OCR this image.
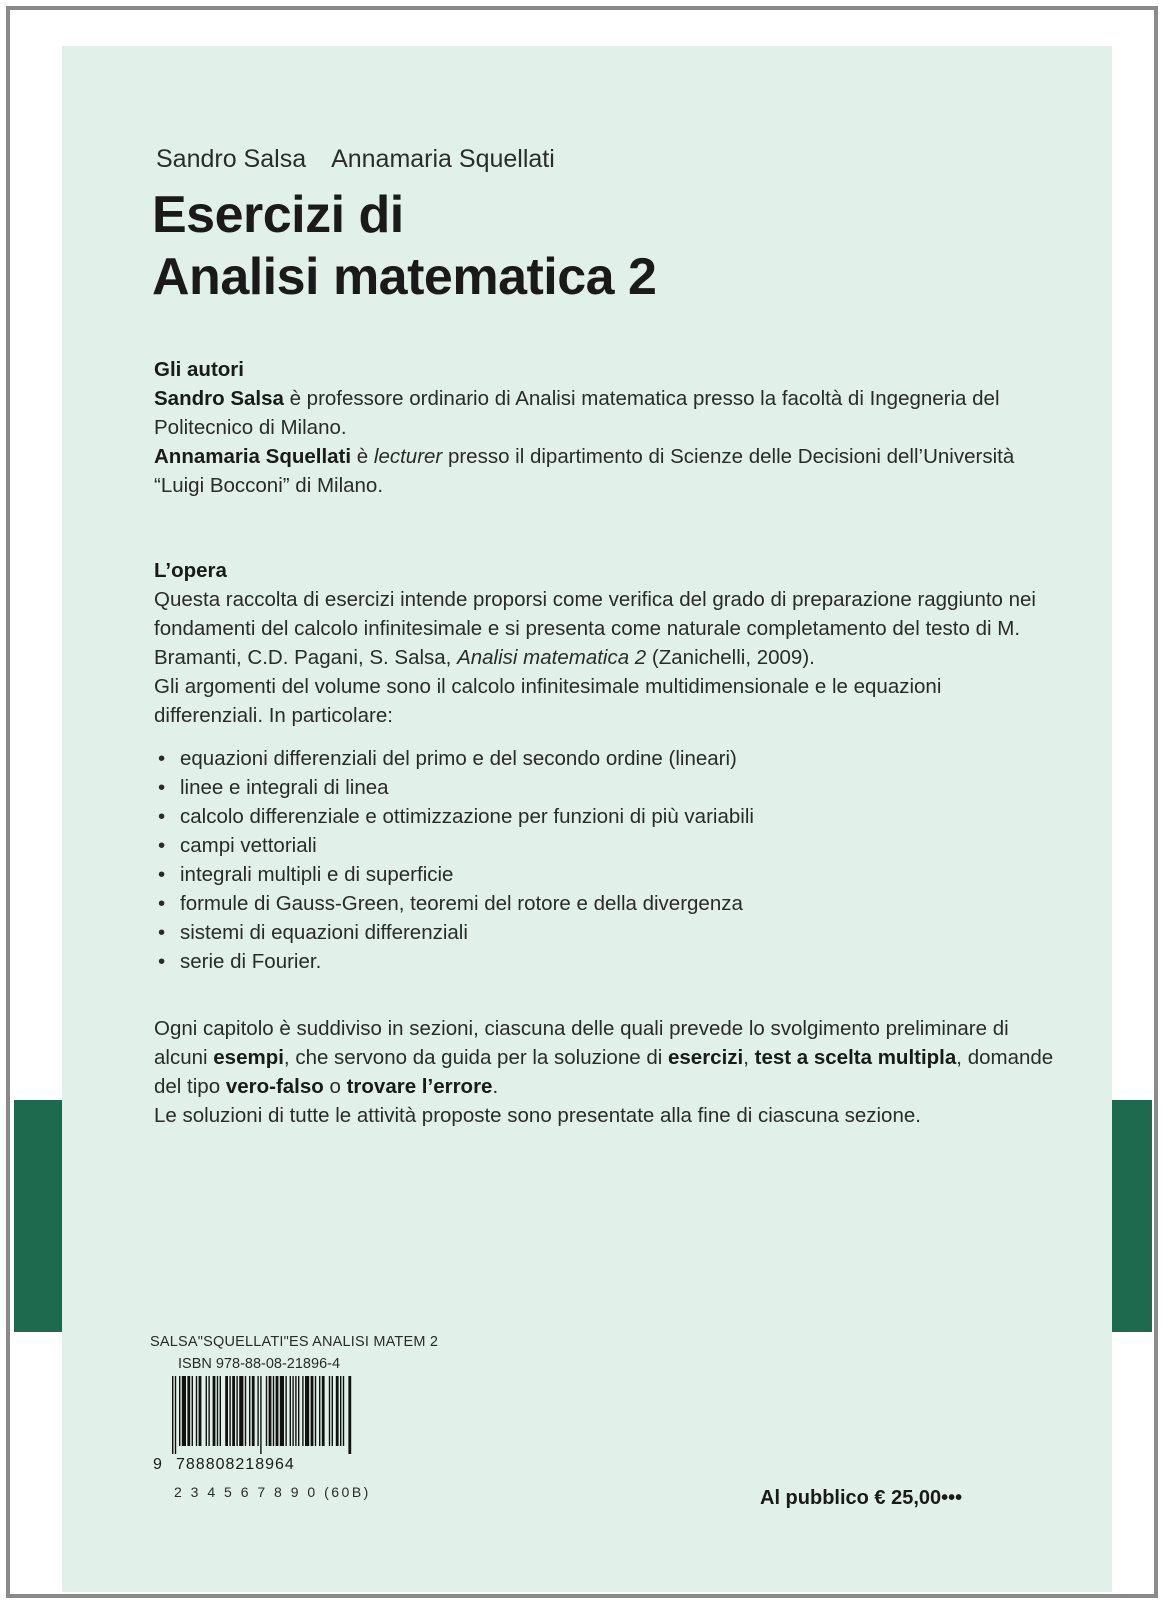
Sandro Salsa Annamaria Squellati
Esercizi di
Analisi matematica 2
Gli autori

Sandro Salsa è professore ordinario di Analisi matematica presso la facoltà di Ingegneria del Politecnico di Milano.

Annamaria Squellati è lecturer presso il dipartimento di Scienze delle Decisioni dell’Università “Luigi Bocconi” di Milano.

L’opera

Questa raccolta di esercizi intende proporsi come verifica del grado di preparazione raggiunto nei fondamenti del calcolo infinitesimale e si presenta come naturale completamento del testo di M. Bramanti, C.D. Pagani, S. Salsa, Analisi matematica 2 (Zanichelli, 2009).

Gli argomenti del volume sono il calcolo infinitesimale multidimensionale e le equazioni differenziali. In particolare:

• equazioni differenziali del primo e del secondo ordine (lineari)
• linee e integrali di linea
• calcolo differenziale e ottimizzazione per funzioni di più variabili
• campi vettoriali
• integrali multipli e di superficie
• formule di Gauss-Green, teoremi del rotore e della divergenza
• sistemi di equazioni differenziali
• serie di Fourier.

Ogni capitolo è suddiviso in sezioni, ciascuna delle quali prevede lo svolgimento preliminare di alcuni esempi, che servono da guida per la soluzione di esercizi, test a scelta multipla, domande del tipo vero-falso o trovare l’errore.

Le soluzioni di tutte le attività proposte sono presentate alla fine di ciascuna sezione.

SALSA"SQUELLATI"ES ANALISI MATEM 2
ISBN 978-88-08-21896-4
9 788808218964
2 3 4 5 6 7 8 9 0 (60B)	Al pubblico € 25,00•••
